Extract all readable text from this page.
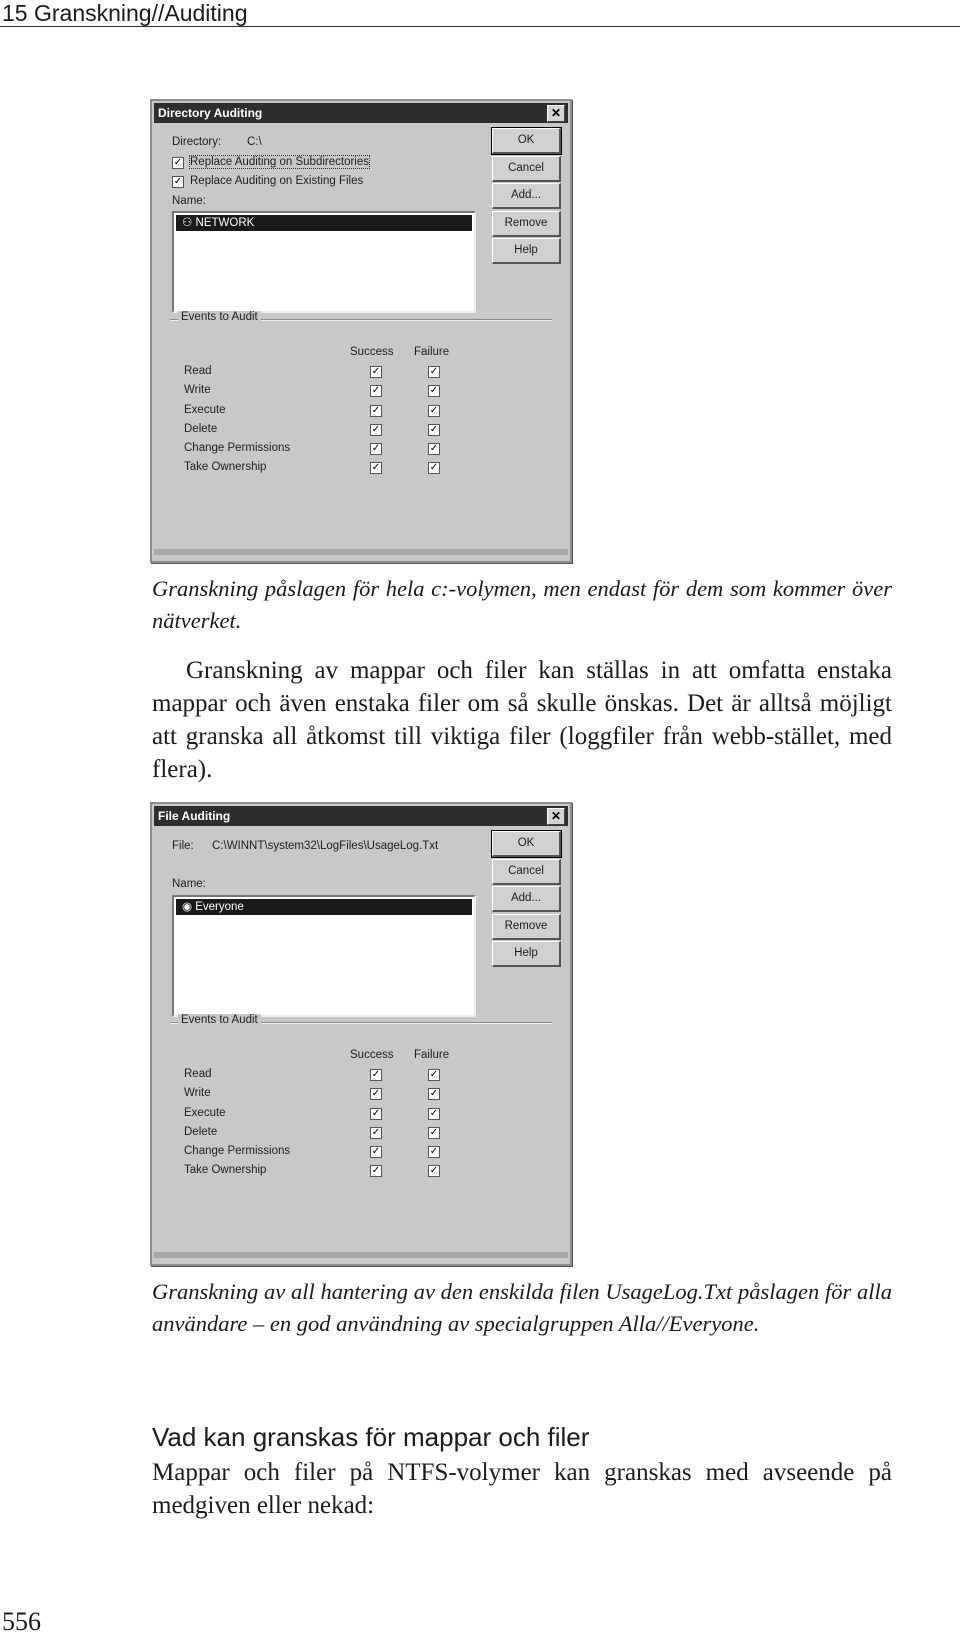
15 Granskning//Auditing
Directory Auditing	✕
Directory: C:\
✓ Replace Auditing on Subdirectories
✓ Replace Auditing on Existing Files
Name:
⚇ NETWORK
OK
Cancel
Add...
Remove
Help
Events to Audit
Success Failure
Read	✓	✓
Write	✓	✓
Execute	✓	✓
Delete	✓	✓
Change Permissions	✓	✓
Take Ownership	✓	✓
Granskning påslagen för hela c:-volymen, men endast för dem som kommer över nätverket.
Granskning av mappar och filer kan ställas in att omfatta enstaka mappar och även enstaka filer om så skulle önskas. Det är alltså möjligt att granska all åtkomst till viktiga filer (loggfiler från webb-stället, med flera).
File Auditing	✕
File: C:\WINNT\system32\LogFiles\UsageLog.Txt
Name:
◉ Everyone
OK
Cancel
Add...
Remove
Help
Events to Audit
Success Failure
Read	✓	✓
Write	✓	✓
Execute	✓	✓
Delete	✓	✓
Change Permissions	✓	✓
Take Ownership	✓	✓
Granskning av all hantering av den enskilda filen UsageLog.Txt påslagen för alla användare – en god användning av specialgruppen Alla//Everyone.
Vad kan granskas för mappar och filer
Mappar och filer på NTFS-volymer kan granskas med avseende på medgiven eller nekad:
556
